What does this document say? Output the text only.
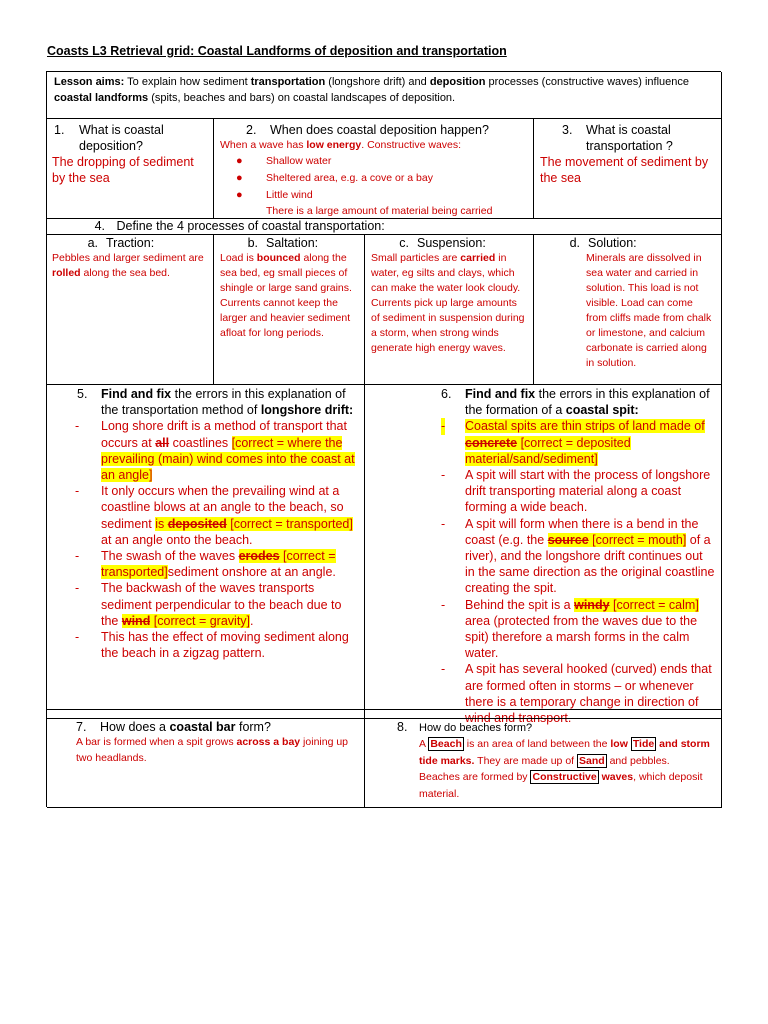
Coasts L3 Retrieval grid: Coastal Landforms of deposition and transportation
Lesson aims: To explain how sediment transportation (longshore drift) and deposition processes (constructive waves) influence coastal landforms (spits, beaches and bars) on coastal landscapes of deposition.
1. What is coastal deposition?
The dropping of sediment by the sea
2. When does coastal deposition happen?
When a wave has low energy. Constructive waves:
● Shallow water
● Sheltered area, e.g. a cove or a bay
● Little wind
There is a large amount of material being carried
3. What is coastal transportation ?
The movement of sediment by the sea
4. Define the 4 processes of coastal transportation:
a. Traction:
Pebbles and larger sediment are rolled along the sea bed.
b. Saltation:
Load is bounced along the sea bed, eg small pieces of shingle or large sand grains. Currents cannot keep the larger and heavier sediment afloat for long periods.
c. Suspension:
Small particles are carried in water, eg silts and clays, which can make the water look cloudy. Currents pick up large amounts of sediment in suspension during a storm, when strong winds generate high energy waves.
d. Solution:
Minerals are dissolved in sea water and carried in solution. This load is not visible. Load can come from cliffs made from chalk or limestone, and calcium carbonate is carried along in solution.
5. Find and fix the errors in this explanation of the transportation method of longshore drift:
- Long shore drift is a method of transport that occurs at all coastlines [correct = where the prevailing (main) wind comes into the coast at an angle]
- It only occurs when the prevailing wind at a coastline blows at an angle to the beach, so sediment is deposited [correct = transported] at an angle onto the beach.
- The swash of the waves erodes [correct = transported]sediment onshore at an angle.
- The backwash of the waves transports sediment perpendicular to the beach due to the wind [correct = gravity].
- This has the effect of moving sediment along the beach in a zigzag pattern.
6. Find and fix the errors in this explanation of the formation of a coastal spit:
- Coastal spits are thin strips of land made of concrete [correct = deposited material/sand/sediment]
- A spit will start with the process of longshore drift transporting material along a coast forming a wide beach.
- A spit will form when there is a bend in the coast (e.g. the source [correct = mouth] of a river), and the longshore drift continues out in the same direction as the original coastline creating the spit.
- Behind the spit is a windy [correct = calm] area (protected from the waves due to the spit) therefore a marsh forms in the calm water.
- A spit has several hooked (curved) ends that are formed often in storms – or whenever there is a temporary change in direction of wind and transport.
7. How does a coastal bar form?
A bar is formed when a spit grows across a bay joining up two headlands.
8. How do beaches form?
A Beach is an area of land between the low Tide and storm tide marks. They are made up of Sand and pebbles. Beaches are formed by Constructive waves, which deposit material.
